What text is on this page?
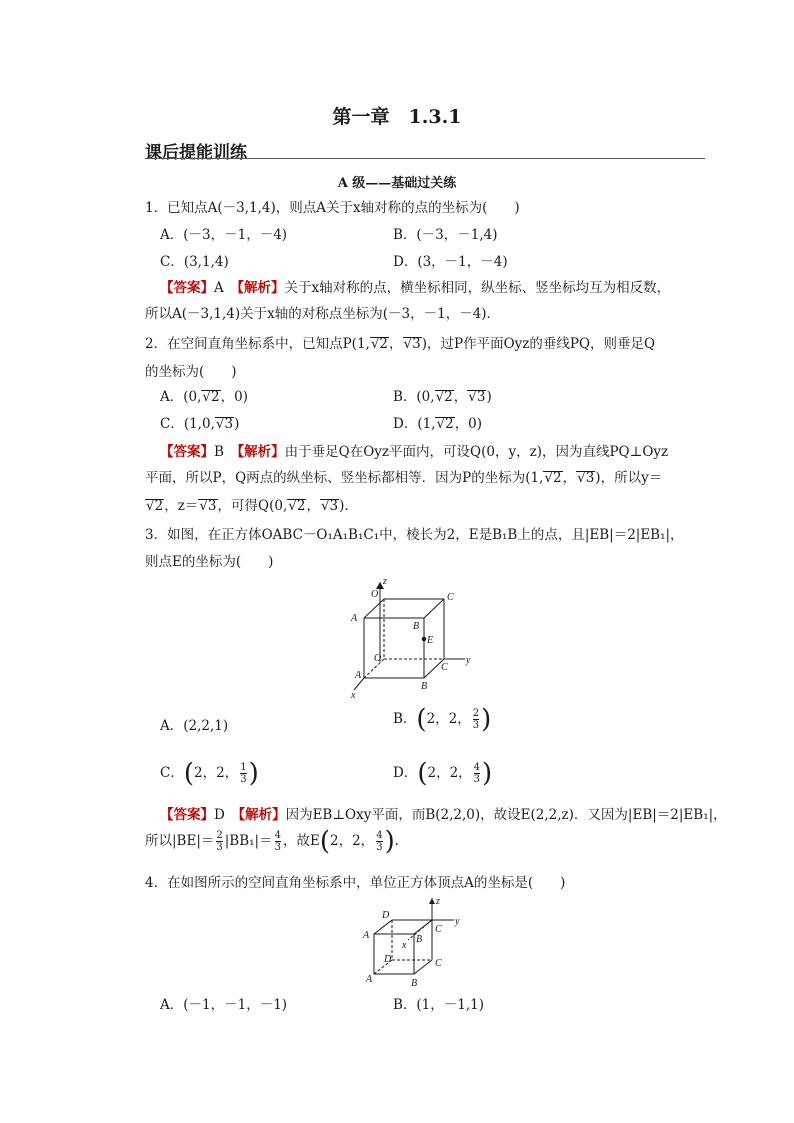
第一章　1.3.1
课后提能训练
A 级——基础过关练
1．已知点A(－3,1,4)，则点A关于x轴对称的点的坐标为(　　)
A．(－3，－1，－4)	B．(－3，－1,4)
C．(3,1,4)	D．(3，－1，－4)
【答案】A　【解析】关于x轴对称的点，横坐标相同，纵坐标、竖坐标均互为相反数，
所以A(－3,1,4)关于x轴的对称点坐标为(－3，－1，－4)．
2．在空间直角坐标系中，已知点P(1,√2，√3)，过P作平面Oyz的垂线PQ，则垂足Q
的坐标为(　　)
A．(0,√2，0)	B．(0,√2，√3)
C．(1,0,√3)	D．(1,√2，0)
【答案】B　【解析】由于垂足Q在Oyz平面内，可设Q(0，y，z)，因为直线PQ⊥Oyz
平面，所以P，Q两点的纵坐标、竖坐标都相等．因为P的坐标为(1,√2，√3)，所以y＝
√2，z＝√3，可得Q(0,√2，√3)．
3．如图，在正方体OABC－O₁A₁B₁C₁中，棱长为2，E是B₁B上的点，且|EB|＝2|EB₁|，
则点E的坐标为(　　)
z
O	C
A
B
E
O
C
y
A
B
x
A．(2,2,1)	B．(2，2， $\frac{2}{3}$ )
C．(2，2， $\frac{1}{3}$ )	D．(2，2， $\frac{4}{3}$ )
【答案】D　【解析】因为EB⊥Oxy平面，而B(2,2,0)，故设E(2,2,z)．又因为|EB|＝2|EB₁|，
所以$|BE|= \frac{2}{3} |BB_1|= \frac{4}{3}$ ，故E(2，2， $\frac{4}{3}$ )．
4．在如图所示的空间直角坐标系中，单位正方体顶点A的坐标是(　　)
D
A
z
C
y
B
x
D	C
A	B
A．(－1，－1，－1)	B．(1，－1,1)
